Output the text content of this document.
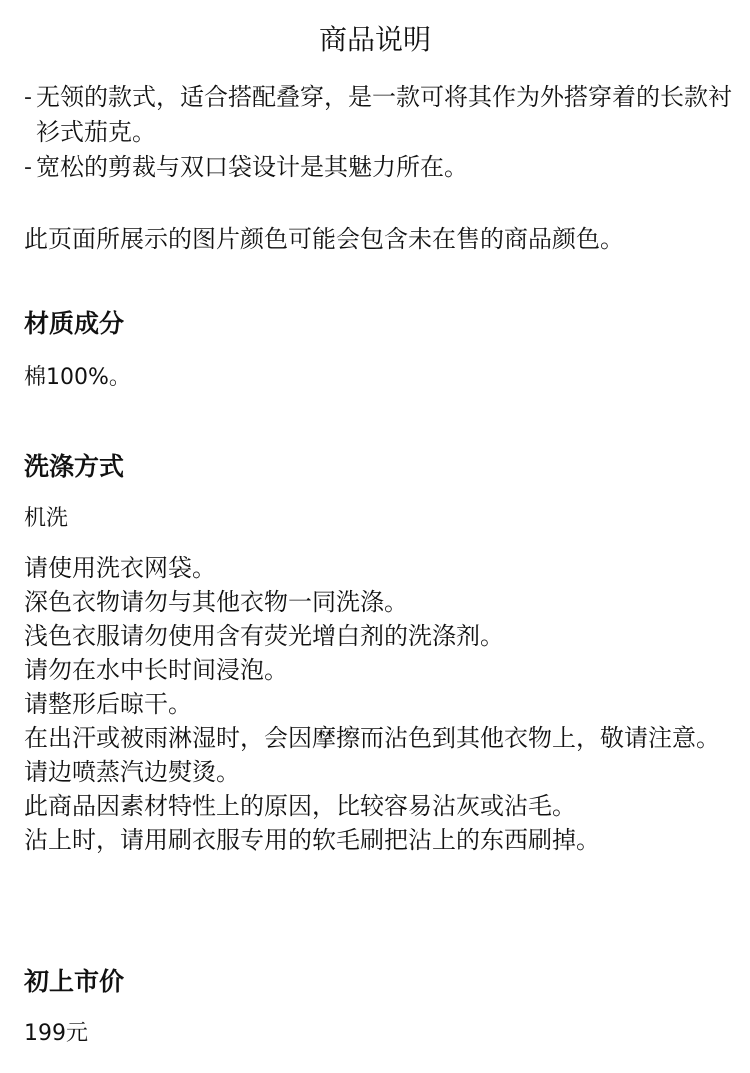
商品说明
- 无领的款式，适合搭配叠穿，是一款可将其作为外搭穿着的长款衬衫式茄克。
- 宽松的剪裁与双口袋设计是其魅力所在。
此页面所展示的图片颜色可能会包含未在售的商品颜色。
材质成分
棉100%。
洗涤方式
机洗
请使用洗衣网袋。
深色衣物请勿与其他衣物一同洗涤。
浅色衣服请勿使用含有荧光增白剂的洗涤剂。
请勿在水中长时间浸泡。
请整形后晾干。
在出汗或被雨淋湿时，会因摩擦而沾色到其他衣物上，敬请注意。
请边喷蒸汽边熨烫。
此商品因素材特性上的原因，比较容易沾灰或沾毛。
沾上时，请用刷衣服专用的软毛刷把沾上的东西刷掉。
初上市价
199元
